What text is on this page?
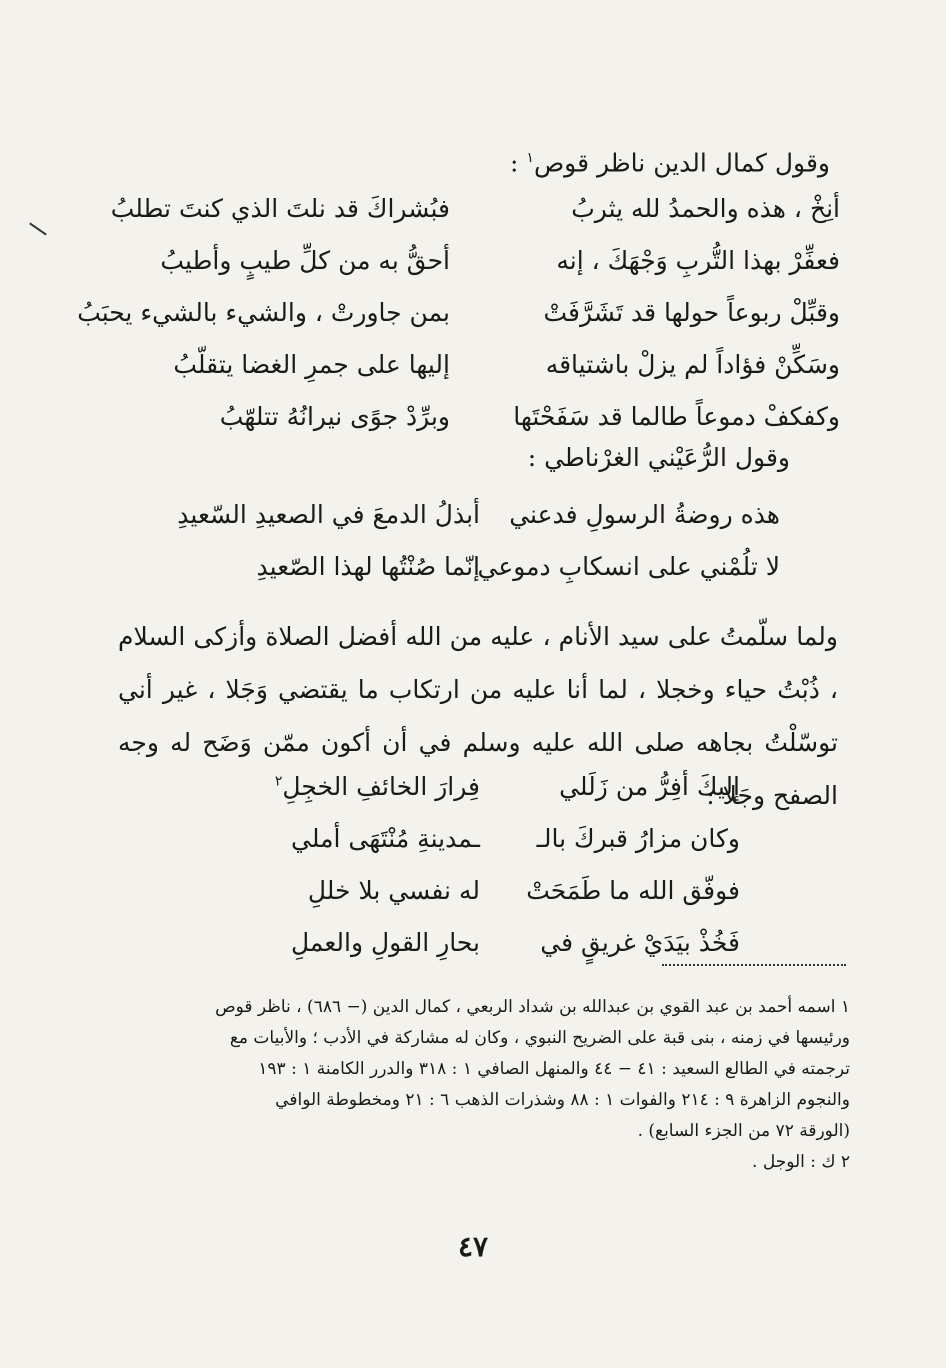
وقول كمال الدين ناظر قوص$^١$ :
أنِخْ ، هذه والحمدُ لله يثربُ
فبُشراكَ قد نلتَ الذي كنتَ تطلبُ
فعفِّرْ بهذا التُّربِ وَجْهَكَ ، إنه
أحقُّ به من كلِّ طيبٍ وأطيبُ
وقبِّلْ ربوعاً حولها قد تَشَرَّفَتْ
بمن جاورتْ ، والشيء بالشيء يحبَبُ
وسَكِّنْ فؤاداً لم يزلْ باشتياقه
إليها على جمرِ الغضا يتقلّبُ
وكفكفْ دموعاً طالما قد سَفَحْتَها
وبرِّدْ جوًى نيرانُهُ تتلهّبُ
وقول الرُّعَيْني الغرْناطي :
هذه روضةُ الرسولِ فدعني
أبذلُ الدمعَ في الصعيدِ السّعيدِ
لا تلُمْني على انسكابِ دموعي
إنّما صُنْتُها لهذا الصّعيدِ
ولما سلّمتُ على سيد الأنام ، عليه من الله أفضل الصلاة وأزكى السلام ، ذُبْتُ حياء وخجلا ، لما أنا عليه من ارتكاب ما يقتضي وَجَلا ، غير أني توسّلْتُ بجاهه صلى الله عليه وسلم في أن أكون ممّن وَضَح له وجه الصفح وجَلا :
إليكَ أفِرُّ من زَلَلي
فِرارَ الخائفِ الخجِلِ$^٢$
وكان مزارُ قبركَ بالـ
ـمدينةِ مُنْتَهَى أملي
فوفّق الله ما طَمَحَتْ
له نفسي بلا خللِ
فَخُذْ بيَدَيْ غريقٍ في
بحارِ القولِ والعملِ
١ اسمه أحمد بن عبد القوي بن عبدالله بن شداد الربعي ، كمال الدين (− ٦٨٦) ، ناظر قوص
ورئيسها في زمنه ، بنى قبة على الضريح النبوي ، وكان له مشاركة في الأدب ؛ والأبيات مع
ترجمته في الطالع السعيد : ٤١ − ٤٤ والمنهل الصافي ١ : ٣١٨ والدرر الكامنة ١ : ١٩٣
والنجوم الزاهرة ٩ : ٢١٤ والفوات ١ : ٨٨ وشذرات الذهب ٦ : ٢١ ومخطوطة الوافي
(الورقة ٧٢ من الجزء السابع) .
٢ ك : الوجل .
٤٧
